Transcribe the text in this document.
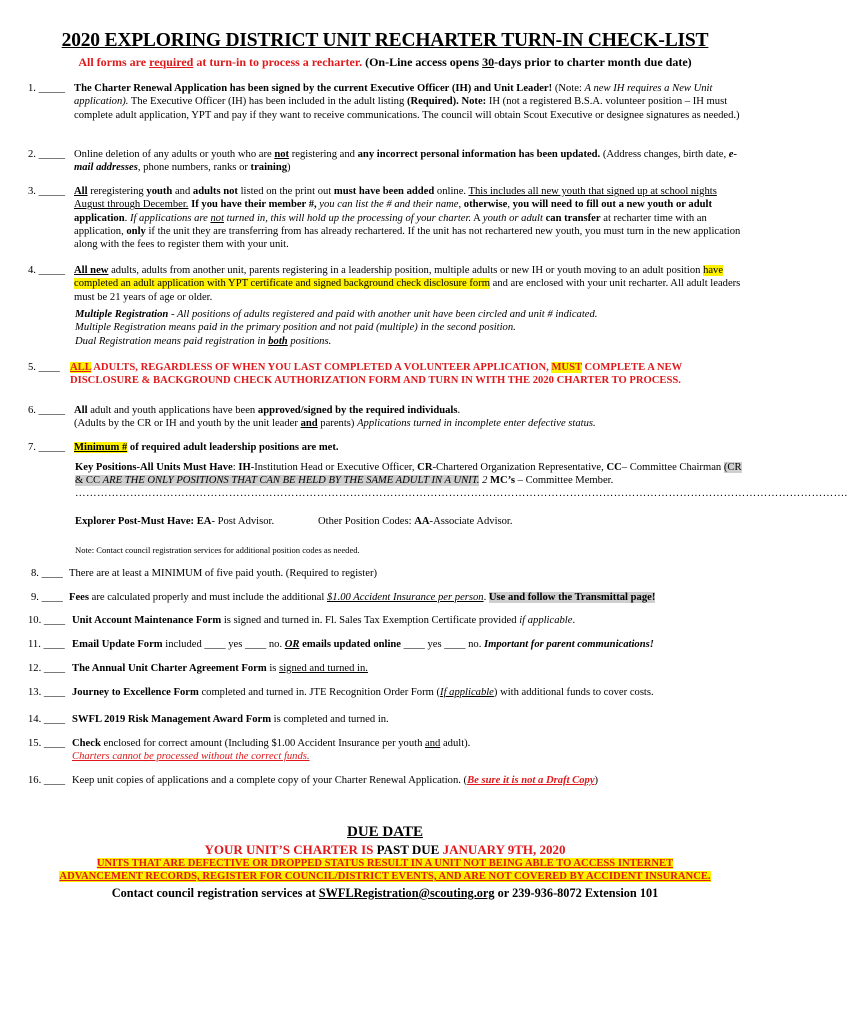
2020 EXPLORING DISTRICT UNIT RECHARTER TURN-IN CHECK-LIST
All forms are required at turn-in to process a recharter. (On-Line access opens 30-days prior to charter month due date)
1. _____ The Charter Renewal Application has been signed by the current Executive Officer (IH) and Unit Leader! (Note: A new IH requires a New Unit application). The Executive Officer (IH) has been included in the adult listing (Required). Note: IH (not a registered B.S.A. volunteer position – IH must complete adult application, YPT and pay if they want to receive communications. The council will obtain Scout Executive or designee signatures as needed.)
2. _____ Online deletion of any adults or youth who are not registering and any incorrect personal information has been updated. (Address changes, birth date, e-mail addresses, phone numbers, ranks or training)
3. _____ All reregistering youth and adults not listed on the print out must have been added online. This includes all new youth that signed up at school nights August through December. If you have their member #, you can list the # and their name, otherwise, you will need to fill out a new youth or adult application. If applications are not turned in, this will hold up the processing of your charter. A youth or adult can transfer at recharter time with an application, only if the unit they are transferring from has already rechartered. If the unit has not rechartered new youth, you must turn in the new application along with the fees to register them with your unit.
4. _____ All new adults, adults from another unit, parents registering in a leadership position, multiple adults or new IH or youth moving to an adult position have completed an adult application with YPT certificate and signed background check disclosure form and are enclosed with your unit recharter. All adult leaders must be 21 years of age or older.
Multiple Registration - All positions of adults registered and paid with another unit have been circled and unit # indicated.
Multiple Registration means paid in the primary position and not paid (multiple) in the second position.
Dual Registration means paid registration in both positions.
5. ____ ALL ADULTS, REGARDLESS OF WHEN YOU LAST COMPLETED A VOLUNTEER APPLICATION, MUST COMPLETE A NEW DISCLOSURE & BACKGROUND CHECK AUTHORIZATION FORM AND TURN IN WITH THE 2020 CHARTER TO PROCESS.
6. _____ All adult and youth applications have been approved/signed by the required individuals.
(Adults by the CR or IH and youth by the unit leader and parents) Applications turned in incomplete enter defective status.
7. _____ Minimum # of required adult leadership positions are met.
Key Positions-All Units Must Have: IH-Institution Head or Executive Officer, CR-Chartered Organization Representative, CC– Committee Chairman (CR & CC ARE THE ONLY POSITIONS THAT CAN BE HELD BY THE SAME ADULT IN A UNIT. 2 MC’s – Committee Member.
………………………………………………………………………………………………………………………………………………………………………………………….
Explorer Post-Must Have: EA- Post Advisor.	Other Position Codes: AA-Associate Advisor.
Note: Contact council registration services for additional position codes as needed.
8. ____ There are at least a MINIMUM of five paid youth. (Required to register)
9. ____ Fees are calculated properly and must include the additional $1.00 Accident Insurance per person. Use and follow the Transmittal page!
10. ____ Unit Account Maintenance Form is signed and turned in. Fl. Sales Tax Exemption Certificate provided if applicable.
11. ____ Email Update Form included ____ yes ____ no. OR emails updated online ____ yes ____ no. Important for parent communications!
12. ____ The Annual Unit Charter Agreement Form is signed and turned in.
13. ____ Journey to Excellence Form completed and turned in. JTE Recognition Order Form (If applicable) with additional funds to cover costs.
14. ____ SWFL 2019 Risk Management Award Form is completed and turned in.
15. ____ Check enclosed for correct amount (Including $1.00 Accident Insurance per youth and adult).
Charters cannot be processed without the correct funds.
16. ____ Keep unit copies of applications and a complete copy of your Charter Renewal Application. (Be sure it is not a Draft Copy)
DUE DATE
YOUR UNIT’S CHARTER IS PAST DUE JANUARY 9TH, 2020
UNITS THAT ARE DEFECTIVE OR DROPPED STATUS RESULT IN A UNIT NOT BEING ABLE TO ACCESS INTERNET
ADVANCEMENT RECORDS, REGISTER FOR COUNCIL/DISTRICT EVENTS, AND ARE NOT COVERED BY ACCIDENT INSURANCE.
Contact council registration services at SWFLRegistration@scouting.org or 239-936-8072 Extension 101
